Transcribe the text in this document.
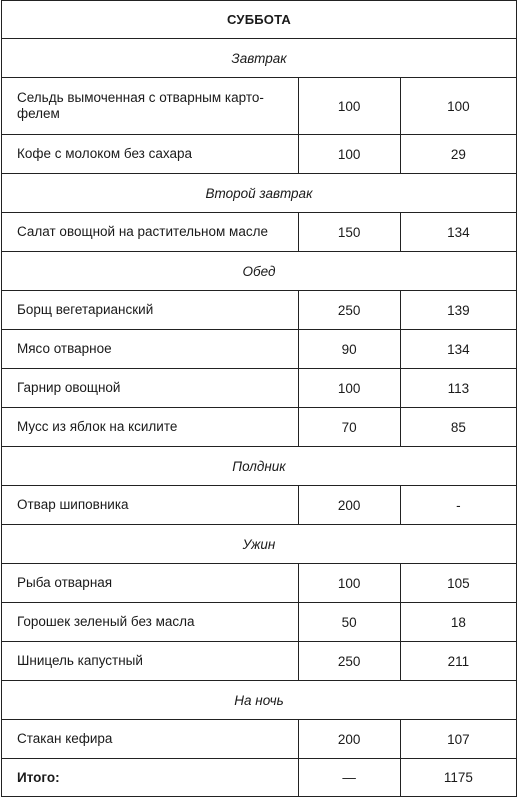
СУББОТА		
Завтрак		
Сельдь вымоченная с отварным карто-
фелем	100	100
Кофе с молоком без сахара	100	29
Второй завтрак		
Салат овощной на растительном масле	150	134
Обед		
Борщ вегетарианский	250	139
Мясо отварное	90	134
Гарнир овощной	100	113
Мусс из яблок на ксилите	70	85
Полдник		
Отвар шиповника	200	-
Ужин		
Рыба отварная	100	105
Горошек зеленый без масла	50	18
Шницель капустный	250	211
На ночь		
Стакан кефира	200	107
Итого:	—	1175
